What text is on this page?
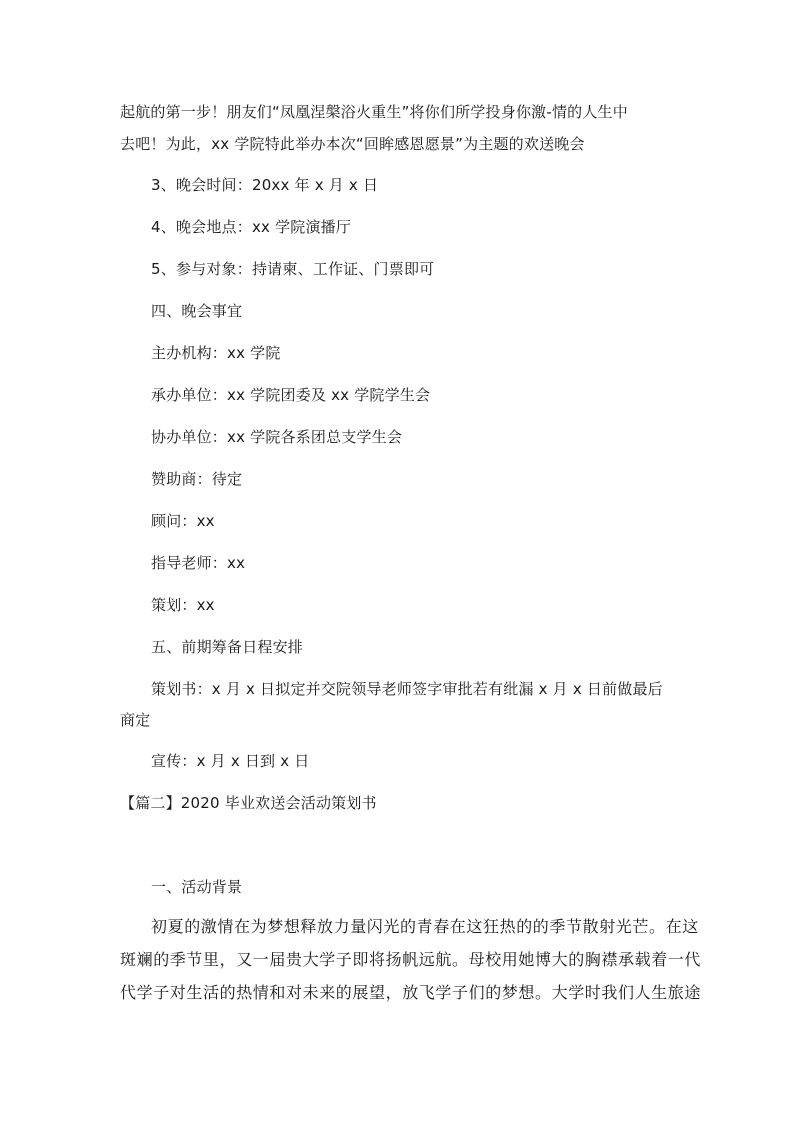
起航的第一步！朋友们“凤凰涅槃浴火重生”将你们所学投身你激-情的人生中
去吧！为此，xx 学院特此举办本次“回眸感恩愿景”为主题的欢送晚会
3、晚会时间：20xx 年 x 月 x 日
4、晚会地点：xx 学院演播厅
5、参与对象：持请柬、工作证、门票即可
四、晚会事宜
主办机构：xx 学院
承办单位：xx 学院团委及 xx 学院学生会
协办单位：xx 学院各系团总支学生会
赞助商：待定
顾问：xx
指导老师：xx
策划：xx
五、前期筹备日程安排
策划书：x 月 x 日拟定并交院领导老师签字审批若有纰漏 x 月 x 日前做最后
商定
宣传：x 月 x 日到 x 日
【篇二】2020 毕业欢送会活动策划书
一、活动背景
初夏的激情在为梦想释放力量闪光的青春在这狂热的的季节散射光芒。在这
斑斓的季节里，又一届贵大学子即将扬帆远航。母校用她博大的胸襟承载着一代
代学子对生活的热情和对未来的展望，放飞学子们的梦想。大学时我们人生旅途
